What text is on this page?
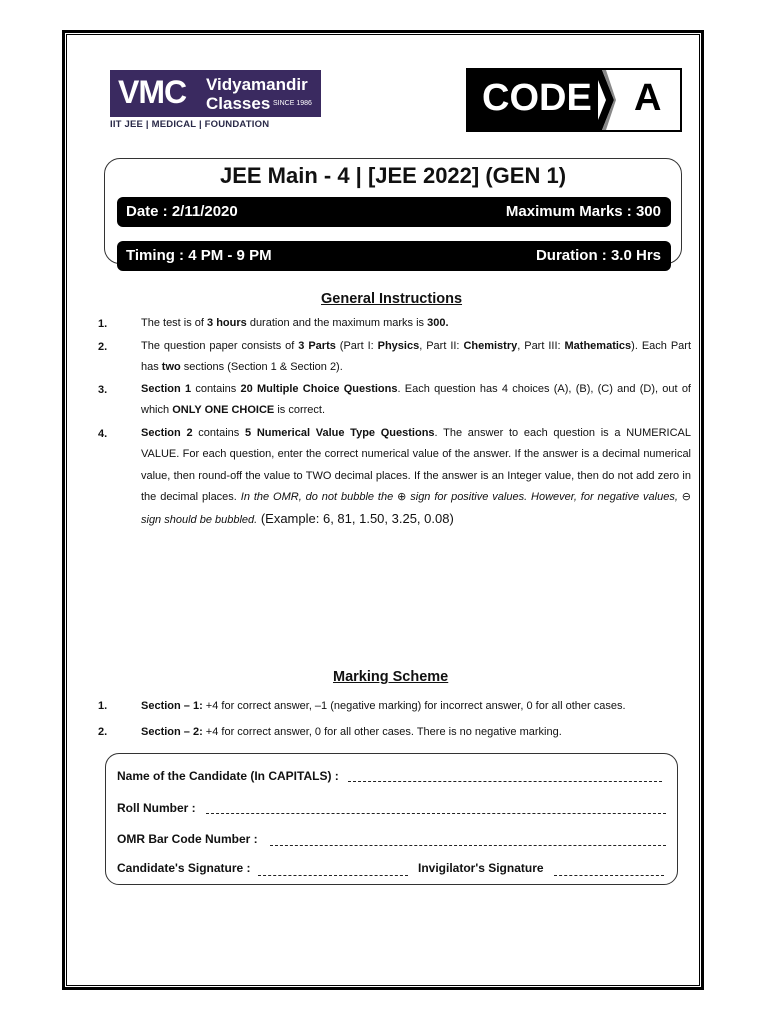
VMC Vidyamandir
Classes SINCE 1986
IIT JEE | MEDICAL | FOUNDATION
CODE A
JEE Main - 4 | [JEE 2022] (GEN 1)
Date : 2/11/2020	Maximum Marks : 300
Timing : 4 PM - 9 PM	Duration : 3.0 Hrs
General Instructions
1.	The test is of 3 hours duration and the maximum marks is 300.
2.	The question paper consists of 3 Parts (Part I: Physics, Part II: Chemistry, Part III: Mathematics). Each Part has two sections (Section 1 & Section 2).
3.	Section 1 contains 20 Multiple Choice Questions. Each question has 4 choices (A), (B), (C) and (D), out of which ONLY ONE CHOICE is correct.
4.	Section 2 contains 5 Numerical Value Type Questions. The answer to each question is a NUMERICAL VALUE. For each question, enter the correct numerical value of the answer. If the answer is a decimal numerical value, then round-off the value to TWO decimal places. If the answer is an Integer value, then do not add zero in the decimal places. In the OMR, do not bubble the ⊕ sign for positive values. However, for negative values, ⊖ sign should be bubbled. (Example: 6, 81, 1.50, 3.25, 0.08)
Marking Scheme
1.	Section – 1: +4 for correct answer, –1 (negative marking) for incorrect answer, 0 for all other cases.
2.	Section – 2: +4 for correct answer, 0 for all other cases. There is no negative marking.
Name of the Candidate (In CAPITALS) :
Roll Number :
OMR Bar Code Number :
Candidate's Signature :	Invigilator's Signature
